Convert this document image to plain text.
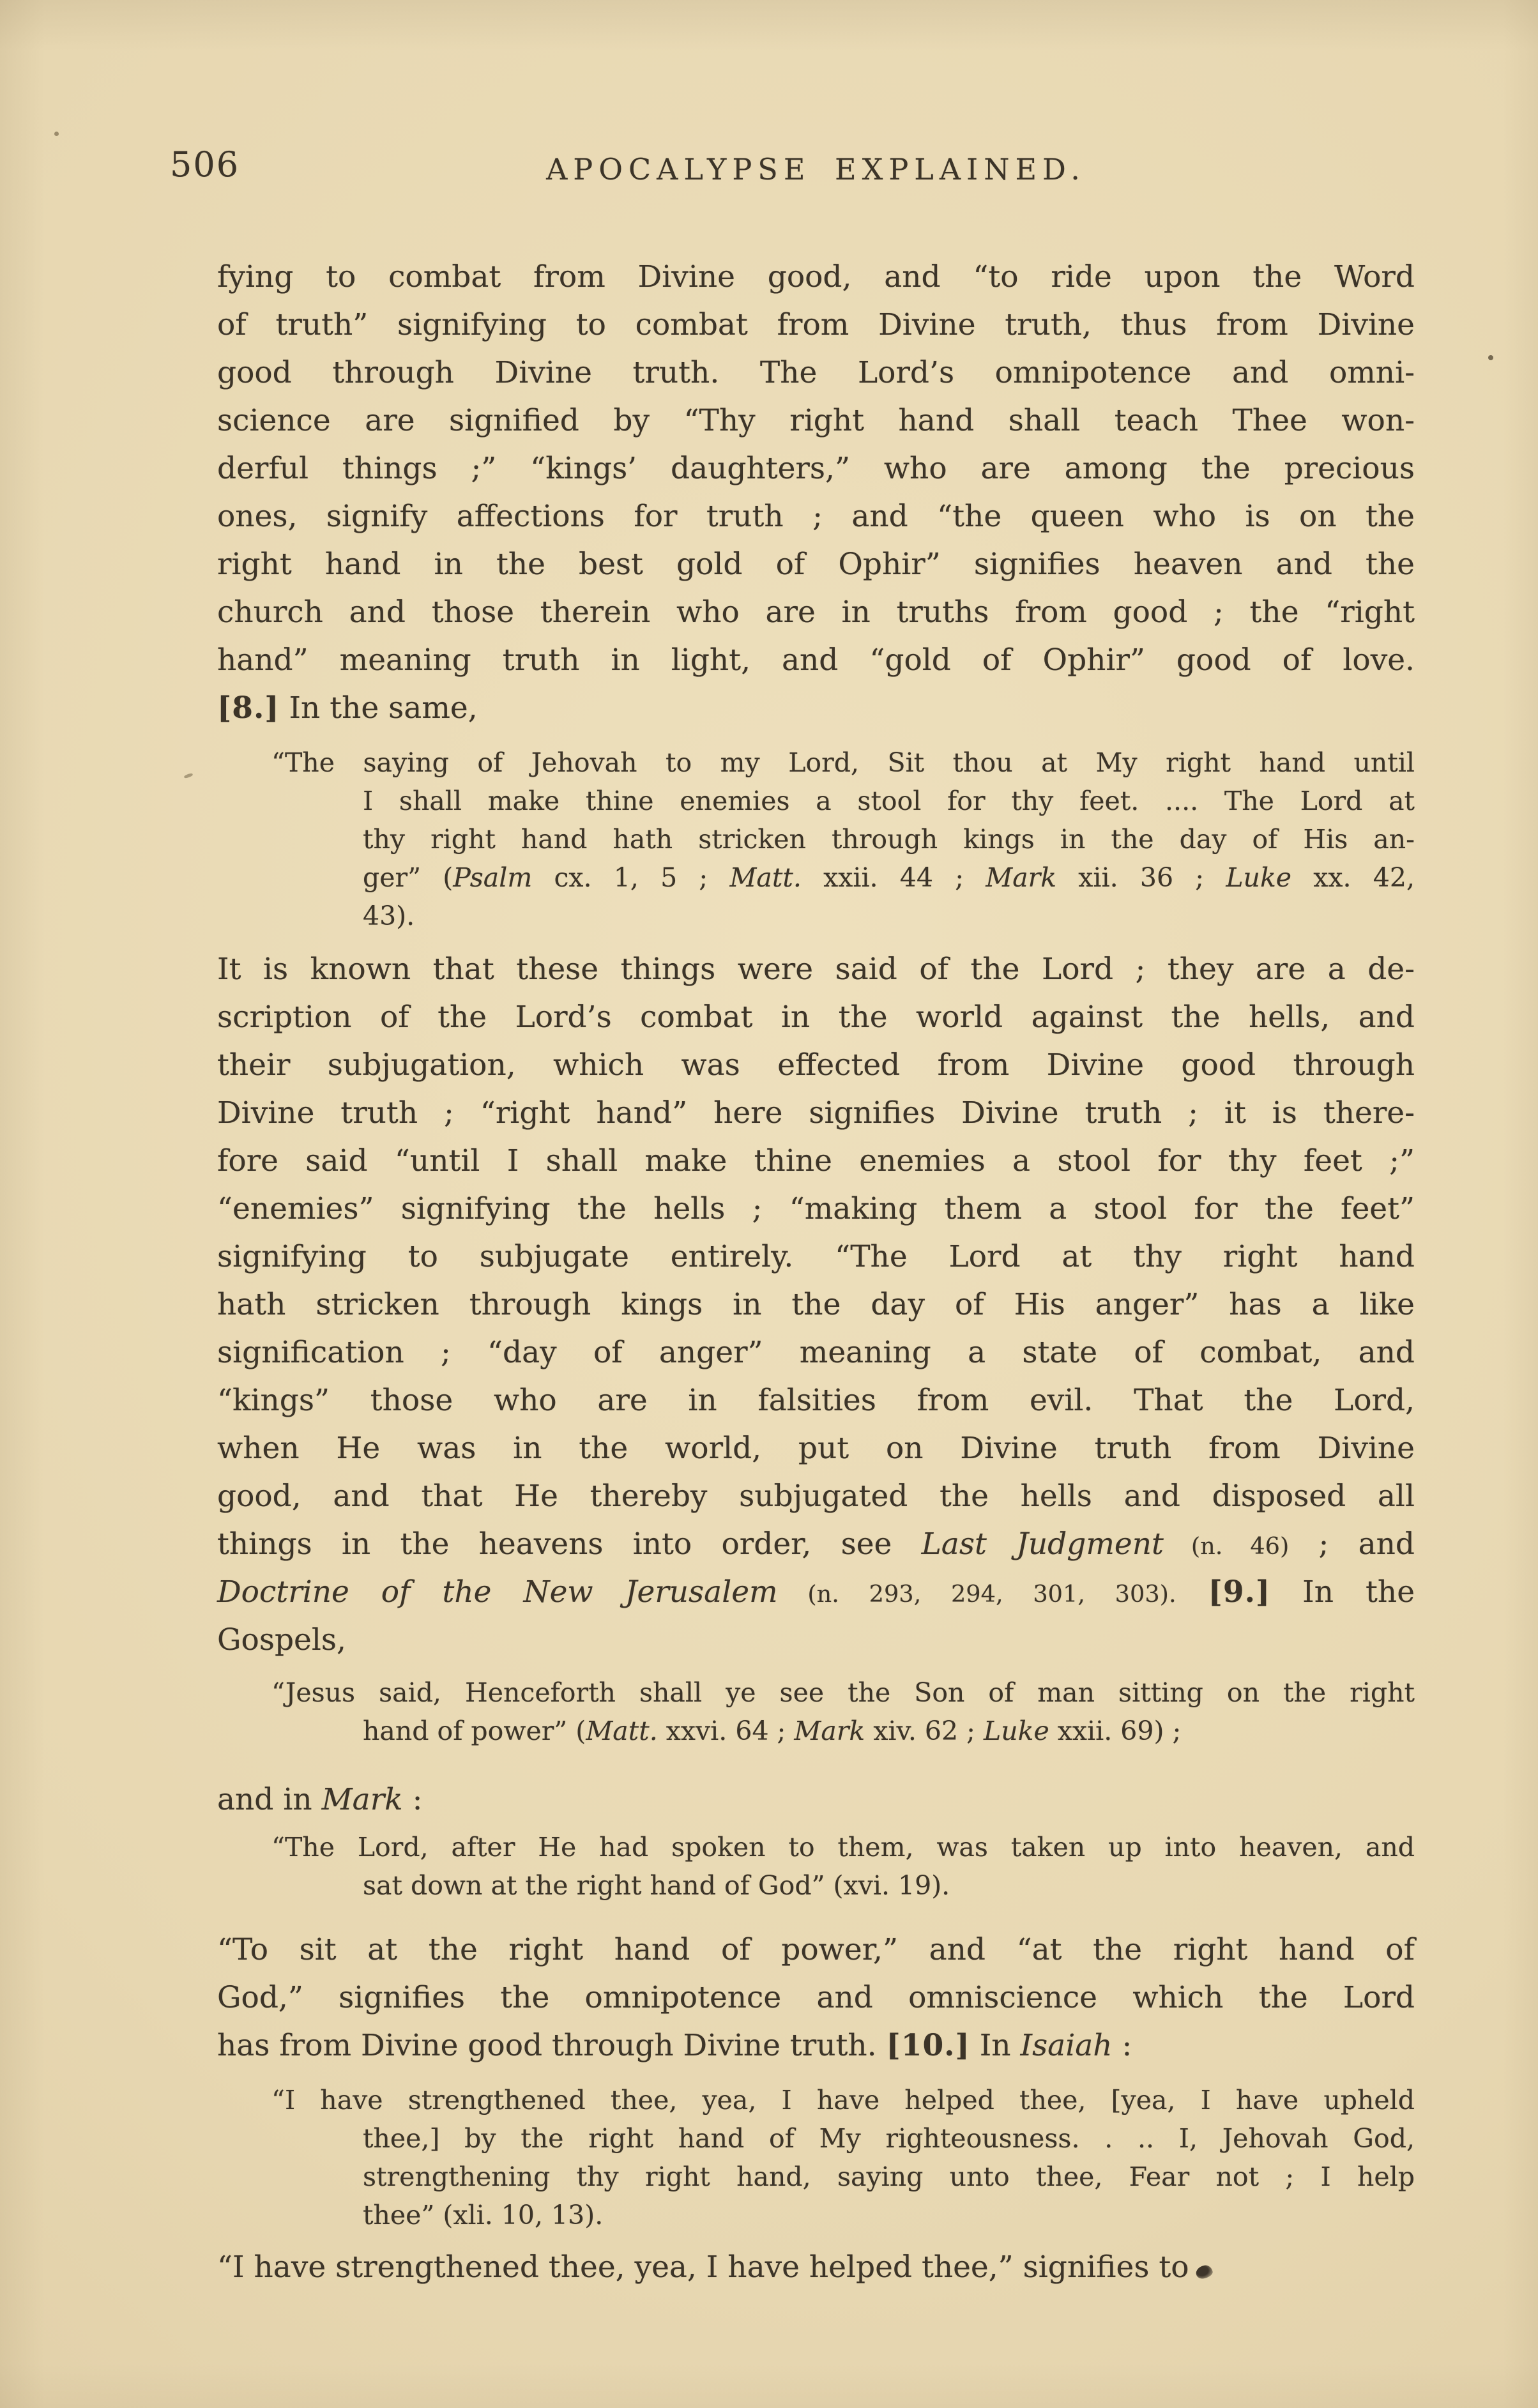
506	APOCALYPSE EXPLAINED.
fying to combat from Divine good, and “to ride upon the Word
of truth” signifying to combat from Divine truth, thus from Divine
good through Divine truth. The Lord’s omnipotence and omni-
science are signified by “Thy right hand shall teach Thee won-
derful things ;” “kings’ daughters,” who are among the precious
ones, signify affections for truth ; and “the queen who is on the
right hand in the best gold of Ophir” signifies heaven and the
church and those therein who are in truths from good ; the “right
hand” meaning truth in light, and “gold of Ophir” good of love.
[8.] In the same,
“The saying of Jehovah to my Lord, Sit thou at My right hand until
I shall make thine enemies a stool for thy feet. .... The Lord at
thy right hand hath stricken through kings in the day of His an-
ger” (Psalm cx. 1, 5 ; Matt. xxii. 44 ; Mark xii. 36 ; Luke xx. 42,
43).
It is known that these things were said of the Lord ; they are a de-
scription of the Lord’s combat in the world against the hells, and
their subjugation, which was effected from Divine good through
Divine truth ; “right hand” here signifies Divine truth ; it is there-
fore said “until I shall make thine enemies a stool for thy feet ;”
“enemies” signifying the hells ; “making them a stool for the feet”
signifying to subjugate entirely. “The Lord at thy right hand
hath stricken through kings in the day of His anger” has a like
signification ; “day of anger” meaning a state of combat, and
“kings” those who are in falsities from evil. That the Lord,
when He was in the world, put on Divine truth from Divine
good, and that He thereby subjugated the hells and disposed all
things in the heavens into order, see Last Judgment (n. 46) ; and
Doctrine of the New Jerusalem (n. 293, 294, 301, 303). [9.] In the
Gospels,
“Jesus said, Henceforth shall ye see the Son of man sitting on the right
hand of power” (Matt. xxvi. 64 ; Mark xiv. 62 ; Luke xxii. 69) ;
and in Mark :
“The Lord, after He had spoken to them, was taken up into heaven, and
sat down at the right hand of God” (xvi. 19).
“To sit at the right hand of power,” and “at the right hand of
God,” signifies the omnipotence and omniscience which the Lord
has from Divine good through Divine truth. [10.] In Isaiah :
“I have strengthened thee, yea, I have helped thee, [yea, I have upheld
thee,] by the right hand of My righteousness. . .. I, Jehovah God,
strengthening thy right hand, saying unto thee, Fear not ; I help
thee” (xli. 10, 13).
“I have strengthened thee, yea, I have helped thee,” signifies to
